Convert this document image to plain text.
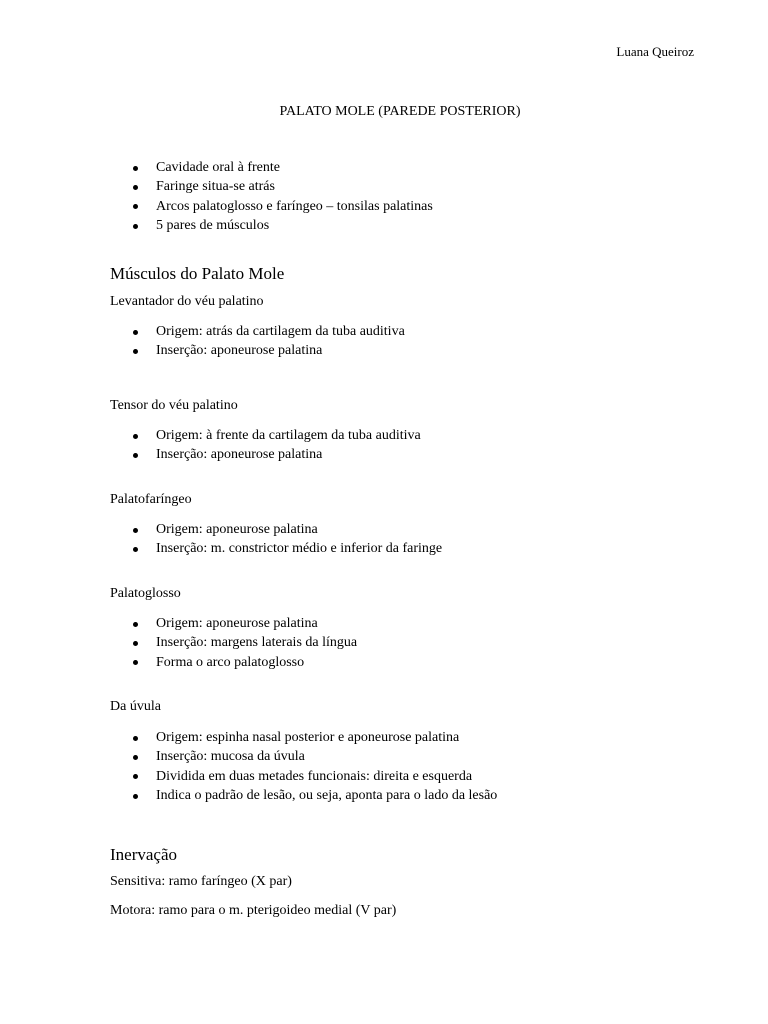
Luana Queiroz
PALATO MOLE (PAREDE POSTERIOR)
Cavidade oral à frente
Faringe situa-se atrás
Arcos palatoglosso e faríngeo – tonsilas palatinas
5 pares de músculos
Músculos do Palato Mole
Levantador do véu palatino
Origem: atrás da cartilagem da tuba auditiva
Inserção: aponeurose palatina
Tensor do véu palatino
Origem: à frente da cartilagem da tuba auditiva
Inserção: aponeurose palatina
Palatofaríngeo
Origem: aponeurose palatina
Inserção: m. constrictor médio e inferior da faringe
Palatoglosso
Origem: aponeurose palatina
Inserção: margens laterais da língua
Forma o arco palatoglosso
Da úvula
Origem: espinha nasal posterior e aponeurose palatina
Inserção: mucosa da úvula
Dividida em duas metades funcionais: direita e esquerda
Indica o padrão de lesão, ou seja, aponta para o lado da lesão
Inervação
Sensitiva: ramo faríngeo (X par)
Motora: ramo para o m. pterigoideo medial (V par)
